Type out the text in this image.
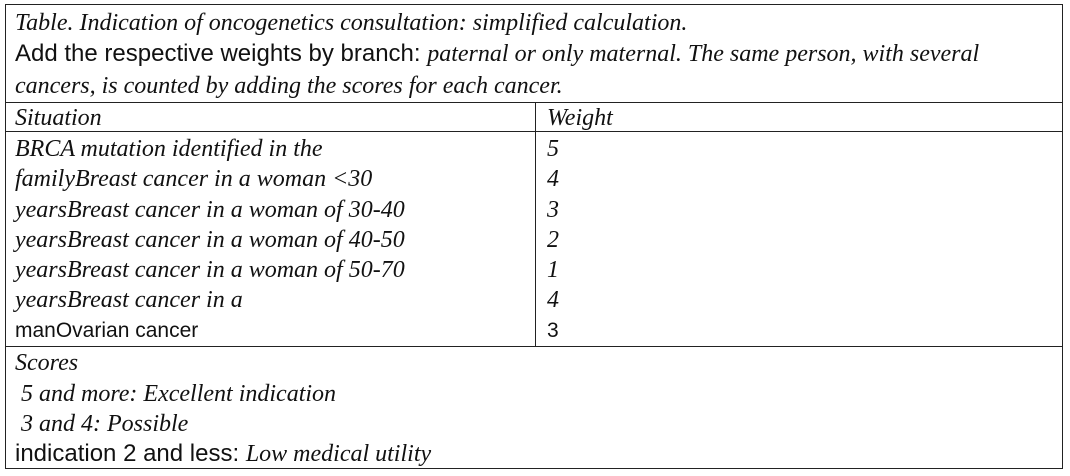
Table. Indication of oncogenetics consultation: simplified calculation.
Add the respective weights by branch: paternal or only maternal. The same person, with several
cancers, is counted by adding the scores for each cancer.
Situation	Weight
BRCA mutation identified in the	5
familyBreast cancer in a woman <30	4
yearsBreast cancer in a woman of 30-40	3
yearsBreast cancer in a woman of 40-50	2
yearsBreast cancer in a woman of 50-70	1
yearsBreast cancer in a	4
manOvarian cancer	3
Scores
5 and more: Excellent indication
3 and 4: Possible
indication 2 and less: Low medical utility
